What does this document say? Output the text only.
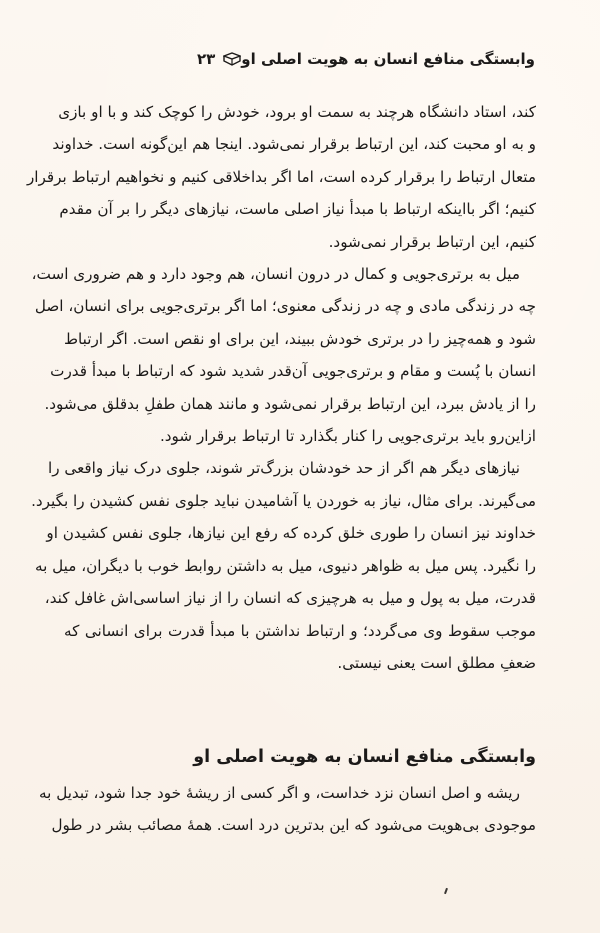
وابستگی منافع انسان به هویت اصلی او
۲۳

کند، استاد دانشگاه هرچند به سمت او برود، خودش را کوچک کند و با او بازی
و به او محبت کند، این ارتباط برقرار نمی‌شود. اینجا هم این‌گونه است. خداوند
متعال ارتباط را برقرار کرده است، اما اگر بداخلاقی کنیم و نخواهیم ارتباط برقرار
کنیم؛ اگر بااینکه ارتباط با مبدأ نیاز اصلی ماست، نیازهای دیگر را بر آن مقدم
کنیم، این ارتباط برقرار نمی‌شود.

میل به برتری‌جویی و کمال در درون انسان، هم وجود دارد و هم ضروری است،

چه در زندگی مادی و چه در زندگی معنوی؛ اما اگر برتری‌جویی برای انسان، اصل
شود و همه‌چیز را در برتری خودش ببیند، این برای او نقص است. اگر ارتباط
انسان با پُست و مقام و برتری‌جویی آن‌قدر شدید شود که ارتباط با مبدأ قدرت
را از یادش ببرد، این ارتباط برقرار نمی‌شود و مانند همان طفلِ بدقلق می‌شود.
ازاین‌رو باید برتری‌جویی را کنار بگذارد تا ارتباط برقرار شود.

نیازهای دیگر هم اگر از حد خودشان بزرگ‌تر شوند، جلوی درک نیاز واقعی را

می‌گیرند. برای مثال، نیاز به خوردن یا آشامیدن نباید جلوی نفس کشیدن را بگیرد.
خداوند نیز انسان را طوری خلق کرده که رفع این نیازها، جلوی نفس کشیدن او
را نگیرد. پس میل به ظواهر دنیوی، میل به داشتن روابط خوب با دیگران، میل به
قدرت، میل به پول و میل به هرچیزی که انسان را از نیاز اساسی‌اش غافل کند،
موجب سقوط وی می‌گردد؛ و ارتباط نداشتن با مبدأ قدرت برای انسانی که
ضعفِ مطلق است یعنی نیستی.

وابستگی منافع انسان به هویت اصلی او
ریشه و اصل انسان نزد خداست، و اگر کسی از ریشهٔ خود جدا شود، تبدیل به
موجودی بی‌هویت می‌شود که این بدترین درد است. همهٔ مصائب بشر در طول
